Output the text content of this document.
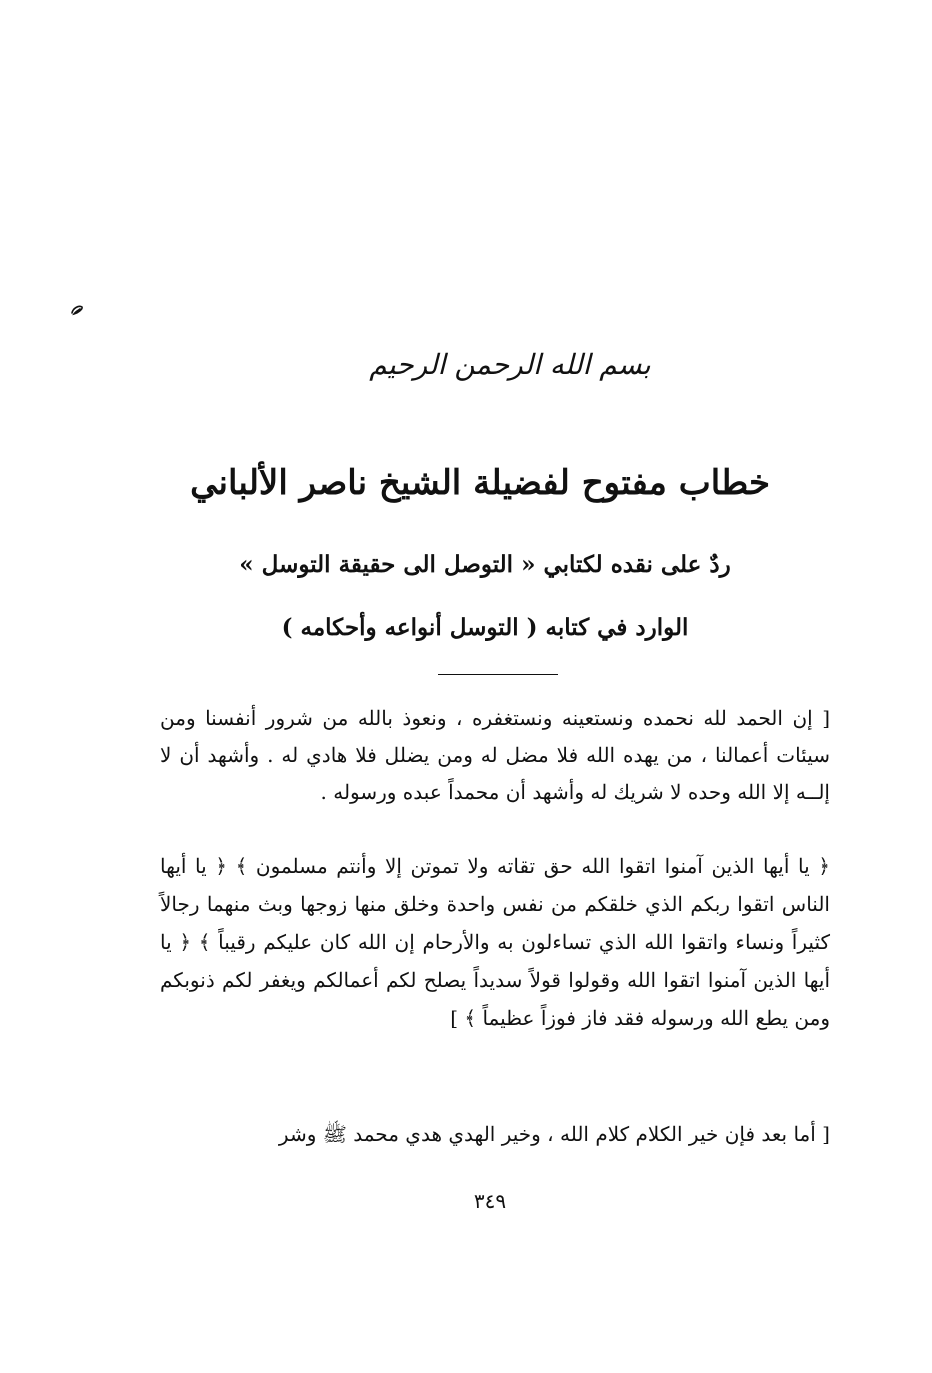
بسم الله الرحمن الرحيم
خطاب مفتوح لفضيلة الشيخ ناصر الألباني
ردٌ على نقده لكتابي « التوصل الى حقيقة التوسل »
الوارد في كتابه ( التوسل أنواعه وأحكامه )
[ إن الحمد لله نحمده ونستعينه ونستغفره ، ونعوذ بالله من شرور أنفسنا ومن سيئات أعمالنا ، من يهده الله فلا مضل له ومن يضلل فلا هادي له . وأشهد أن لا إلــه إلا الله وحده لا شريك له وأشهد أن محمداً عبده ورسوله .
﴿ يا أيها الذين آمنوا اتقوا الله حق تقاته ولا تموتن إلا وأنتم مسلمون ﴾ ﴿ يا أيها الناس اتقوا ربكم الذي خلقكم من نفس واحدة وخلق منها زوجها وبث منهما رجالاً كثيراً ونساء واتقوا الله الذي تساءلون به والأرحام إن الله كان عليكم رقيباً ﴾ ﴿ يا أيها الذين آمنوا اتقوا الله وقولوا قولاً سديداً يصلح لكم أعمالكم ويغفر لكم ذنوبكم ومن يطع الله ورسوله فقد فاز فوزاً عظيماً ﴾ ]
[ أما بعد فإن خير الكلام كلام الله ، وخير الهدي هدي محمد ﷺ وشر
٣٤٩
